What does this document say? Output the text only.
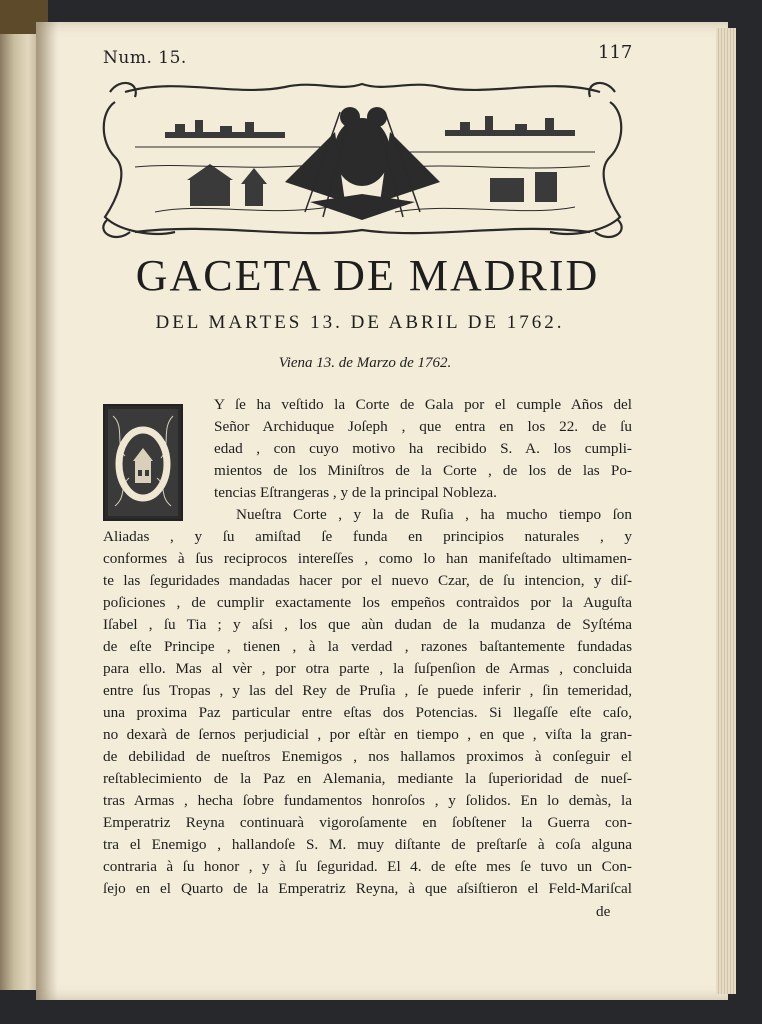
Num. 15.	117
GACETA DE MADRID
DEL MARTES 13. DE ABRIL DE 1762.
Viena 13. de Marzo de 1762.
Y ſe ha veſtido la Corte de Gala por el cumple Años del
Señor Archiduque Joſeph , que entra en los 22. de ſu
edad , con cuyo motivo ha recibido S. A. los cumpli-
mientos de los Miniſtros de la Corte , de los de las Po-
tencias Eſtrangeras , y de la principal Nobleza.
Nueſtra Corte , y la de Ruſia , ha mucho tiempo ſon
Aliadas , y ſu amiſtad ſe funda en principios naturales , y
conformes à ſus reciprocos intereſſes , como lo han manifeſtado ultimamen-
te las ſeguridades mandadas hacer por el nuevo Czar, de ſu intencion, y diſ-
poſiciones , de cumplir exactamente los empeños contraìdos por la Auguſta
Iſabel , ſu Tia ; y aſsi , los que aùn dudan de la mudanza de Syſtéma
de eſte Principe , tienen , à la verdad , razones baſtantemente fundadas
para ello. Mas al vèr , por otra parte , la ſuſpenſion de Armas , concluida
entre ſus Tropas , y las del Rey de Pruſia , ſe puede inferir , ſin temeridad,
una proxima Paz particular entre eſtas dos Potencias. Si llegaſſe eſte caſo,
no dexarà de ſernos perjudicial , por eſtàr en tiempo , en que , viſta la gran-
de debilidad de nueſtros Enemigos , nos hallamos proximos à conſeguir el
reſtablecimiento de la Paz en Alemania, mediante la ſuperioridad de nueſ-
tras Armas , hecha ſobre fundamentos honroſos , y ſolidos. En lo demàs, la
Emperatriz Reyna continuarà vigoroſamente en ſobſtener la Guerra con-
tra el Enemigo , hallandoſe S. M. muy diſtante de preſtarſe à coſa alguna
contraria à ſu honor , y à ſu ſeguridad. El 4. de eſte mes ſe tuvo un Con-
ſejo en el Quarto de la Emperatriz Reyna, à que aſsiſtieron el Feld-Mariſcal
de
